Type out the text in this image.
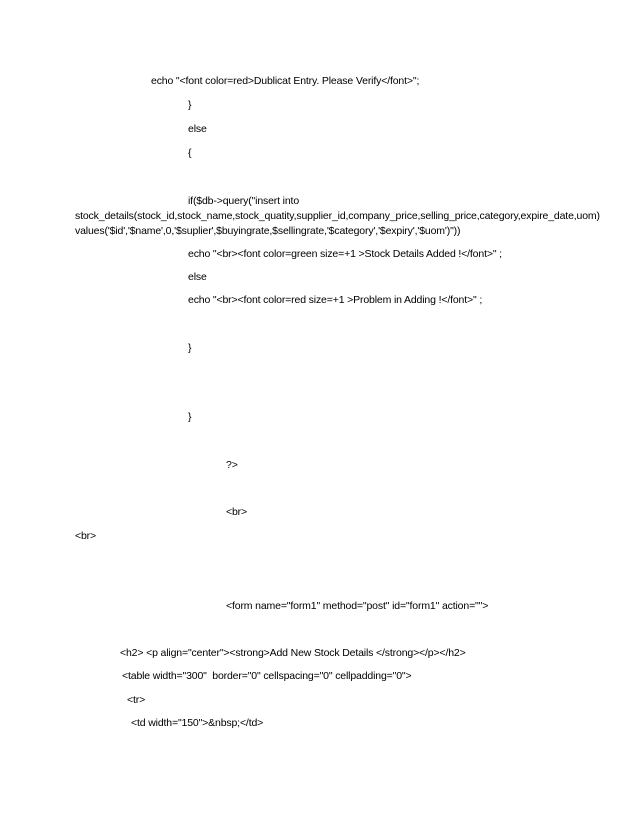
echo "<font color=red>Dublicat Entry. Please Verify</font>";
}
else
{
if($db->query("insert into
stock_details(stock_id,stock_name,stock_quatity,supplier_id,company_price,selling_price,category,expire_date,uom) values('$id','$name',0,'$suplier',$buyingrate,$sellingrate,'$category','$expiry','$uom')"))
echo "<br><font color=green size=+1 >Stock Details Added !</font>" ;
else
echo "<br><font color=red size=+1 >Problem in Adding !</font>" ;
}
}
?>
<br>
<br>
<form name="form1" method="post" id="form1" action="">
<h2> <p align="center"><strong>Add New Stock Details </strong></p></h2>
<table width="300"  border="0" cellspacing="0" cellpadding="0">
<tr>
<td width="150">&nbsp;</td>
